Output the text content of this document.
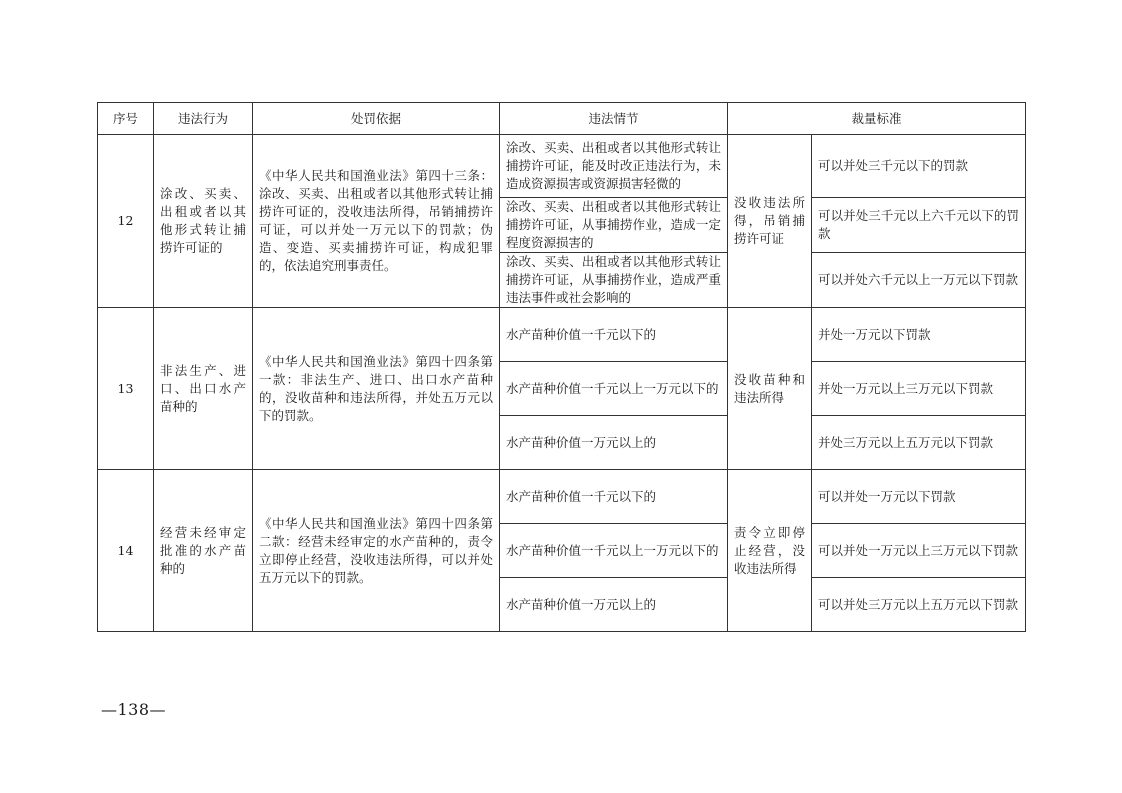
序号	违法行为	处罚依据	违法情节	裁量标准	
12	涂改、买卖、出租或者以其他形式转让捕捞许可证的	《中华人民共和国渔业法》第四十三条：涂改、买卖、出租或者以其他形式转让捕捞许可证的，没收违法所得，吊销捕捞许可证，可以并处一万元以下的罚款；伪造、变造、买卖捕捞许可证，构成犯罪的，依法追究刑事责任。	涂改、买卖、出租或者以其他形式转让捕捞许可证，能及时改正违法行为，未造成资源损害或资源损害轻微的	没收违法所得，吊销捕捞许可证	可以并处三千元以下的罚款
			涂改、买卖、出租或者以其他形式转让捕捞许可证，从事捕捞作业，造成一定程度资源损害的		可以并处三千元以上六千元以下的罚款
			涂改、买卖、出租或者以其他形式转让捕捞许可证，从事捕捞作业，造成严重违法事件或社会影响的		可以并处六千元以上一万元以下罚款
13	非法生产、进口、出口水产苗种的	《中华人民共和国渔业法》第四十四条第一款：非法生产、进口、出口水产苗种的，没收苗种和违法所得，并处五万元以下的罚款。	水产苗种价值一千元以下的	没收苗种和违法所得	并处一万元以下罚款
			水产苗种价值一千元以上一万元以下的		并处一万元以上三万元以下罚款
			水产苗种价值一万元以上的		并处三万元以上五万元以下罚款
14	经营未经审定批准的水产苗种的	《中华人民共和国渔业法》第四十四条第二款：经营未经审定的水产苗种的，责令立即停止经营，没收违法所得，可以并处五万元以下的罚款。	水产苗种价值一千元以下的	责令立即停止经营，没收违法所得	可以并处一万元以下罚款
			水产苗种价值一千元以上一万元以下的		可以并处一万元以上三万元以下罚款
			水产苗种价值一万元以上的		可以并处三万元以上五万元以下罚款
—138—
